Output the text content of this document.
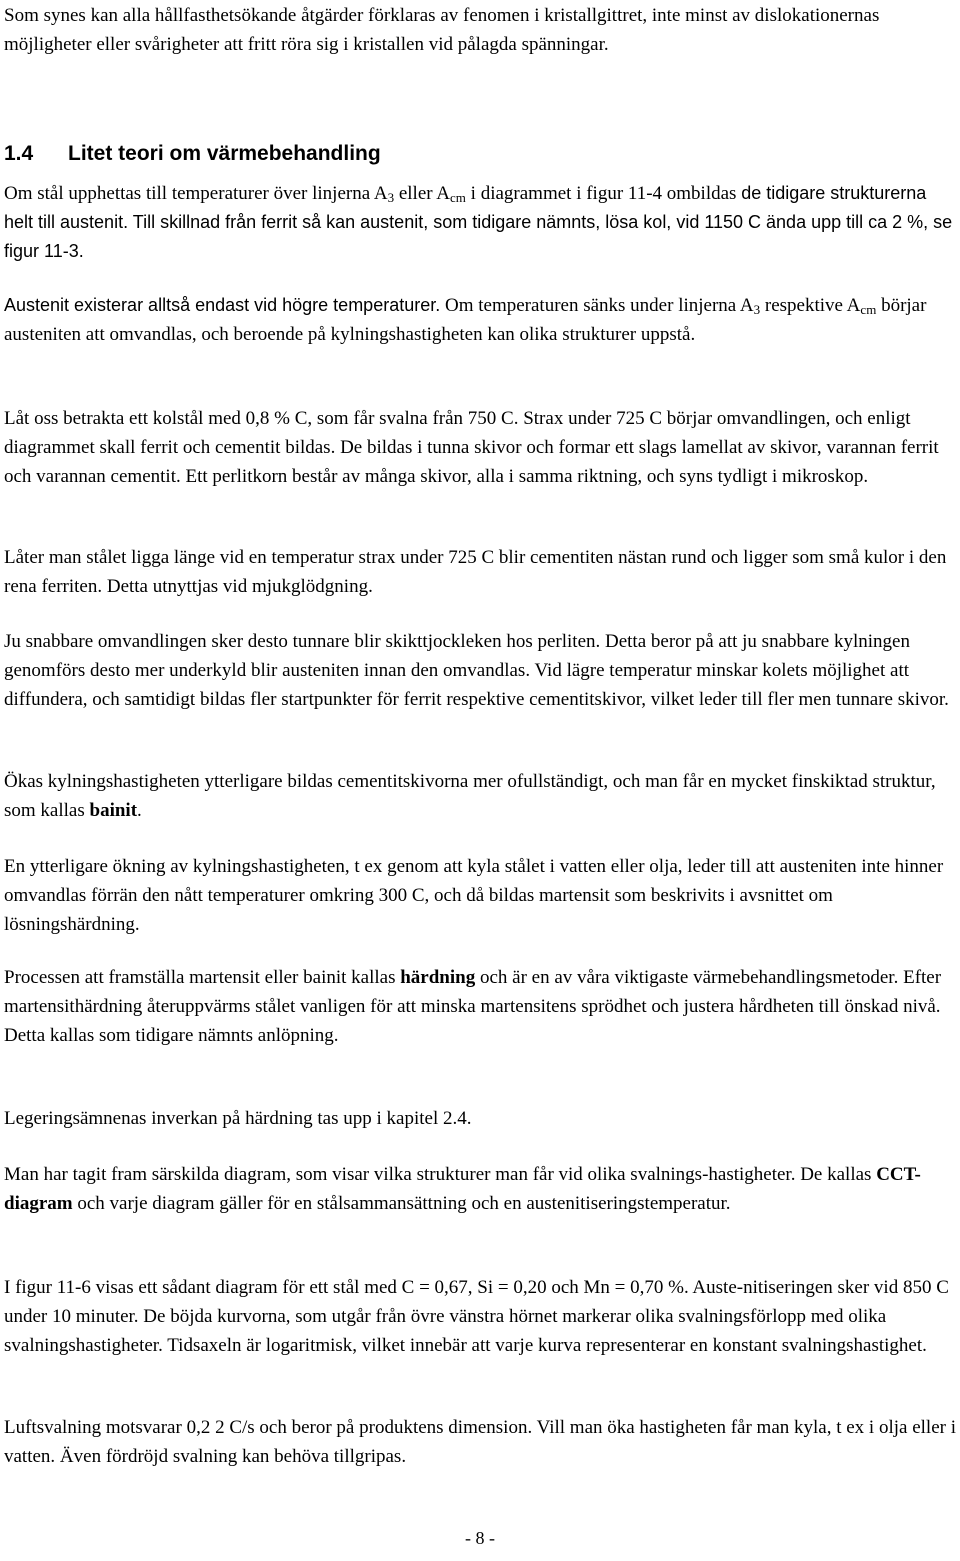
Som synes kan alla hållfasthetsökande åtgärder förklaras av fenomen i kristallgittret, inte minst av dislokationernas möjligheter eller svårigheter att fritt röra sig i kristallen vid pålagda spänningar.

1.4 Litet teori om värmebehandling

Om stål upphettas till temperaturer över linjerna $A_3$ eller $A_{cm}$ i diagrammet i figur 11-4 ombildas de tidigare strukturerna helt till austenit. Till skillnad från ferrit så kan austenit, som tidigare nämnts, lösa kol, vid 1150 C ända upp till ca 2 %, se figur 11-3.

Austenit existerar alltså endast vid högre temperaturer. Om temperaturen sänks under linjerna $A_3$ respektive $A_{cm}$ börjar austeniten att omvandlas, och beroende på kylningshastigheten kan olika strukturer uppstå.

Låt oss betrakta ett kolstål med 0,8 % C, som får svalna från 750 C. Strax under 725 C börjar omvandlingen, och enligt diagrammet skall ferrit och cementit bildas. De bildas i tunna skivor och formar ett slags lamellat av skivor, varannan ferrit och varannan cementit. Ett perlitkorn består av många skivor, alla i samma riktning, och syns tydligt i mikroskop.

Låter man stålet ligga länge vid en temperatur strax under 725 C blir cementiten nästan rund och ligger som små kulor i den rena ferriten. Detta utnyttjas vid mjukglödgning.

Ju snabbare omvandlingen sker desto tunnare blir skikttjockleken hos perliten. Detta beror på att ju snabbare kylningen genomförs desto mer underkyld blir austeniten innan den omvandlas. Vid lägre temperatur minskar kolets möjlighet att diffundera, och samtidigt bildas fler startpunkter för ferrit respektive cementitskivor, vilket leder till fler men tunnare skivor.

Ökas kylningshastigheten ytterligare bildas cementitskivorna mer ofullständigt, och man får en mycket finskiktad struktur, som kallas bainit.

En ytterligare ökning av kylningshastigheten, t ex genom att kyla stålet i vatten eller olja, leder till att austeniten inte hinner omvandlas förrän den nått temperaturer omkring 300 C, och då bildas martensit som beskrivits i avsnittet om lösningshärdning.

Processen att framställa martensit eller bainit kallas härdning och är en av våra viktigaste värmebehandlingsmetoder. Efter martensithärdning återuppvärms stålet vanligen för att minska martensitens sprödhet och justera hårdheten till önskad nivå. Detta kallas som tidigare nämnts anlöpning.

Legeringsämnenas inverkan på härdning tas upp i kapitel 2.4.

Man har tagit fram särskilda diagram, som visar vilka strukturer man får vid olika svalnings-hastigheter. De kallas CCT-diagram och varje diagram gäller för en stålsammansättning och en austenitiseringstemperatur.

I figur 11-6 visas ett sådant diagram för ett stål med C = 0,67, Si = 0,20 och Mn = 0,70 %. Auste-nitiseringen sker vid 850 C under 10 minuter. De böjda kurvorna, som utgår från övre vänstra hörnet markerar olika svalningsförlopp med olika svalningshastigheter. Tidsaxeln är logaritmisk, vilket innebär att varje kurva representerar en konstant svalningshastighet.

Luftsvalning motsvarar 0,2 2 C/s och beror på produktens dimension. Vill man öka hastigheten får man kyla, t ex i olja eller i vatten. Även fördröjd svalning kan behöva tillgripas.

- 8 -
